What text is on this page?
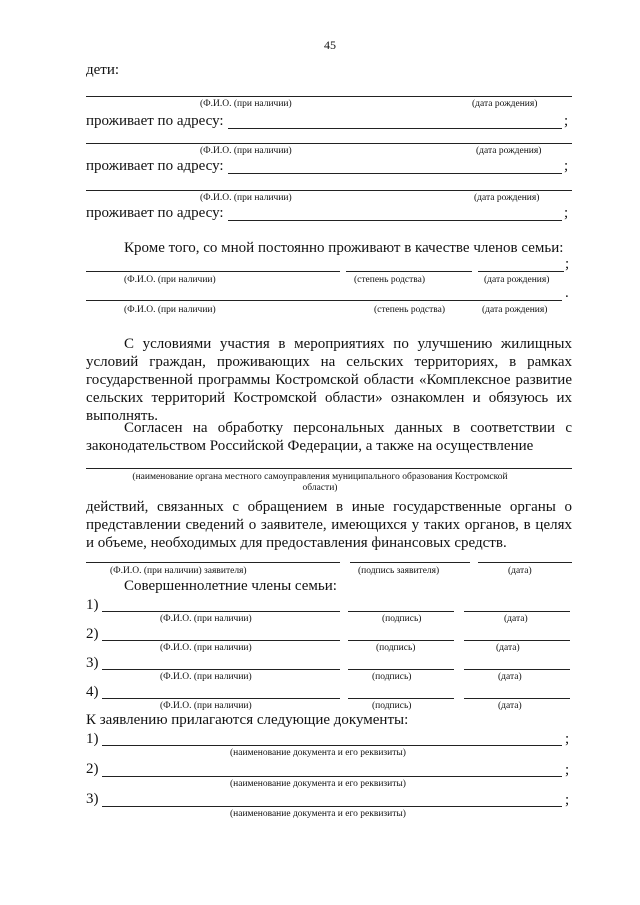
45
дети:
(Ф.И.О. (при наличии)	(дата рождения)
проживает по адресу:	;
(Ф.И.О. (при наличии)	(дата рождения)
проживает по адресу:	;
(Ф.И.О. (при наличии)	(дата рождения)
проживает по адресу:	;
Кроме того, со мной постоянно проживают в качестве членов семьи:
;
(Ф.И.О. (при наличии)	(степень родства)	(дата рождения)
.
(Ф.И.О. (при наличии)	(степень родства)	(дата рождения)
С условиями участия в мероприятиях по улучшению жилищных условий граждан, проживающих на сельских территориях, в рамках государственной программы Костромской области «Комплексное развитие сельских территорий Костромской области» ознакомлен и обязуюсь их выполнять.
Согласен на обработку персональных данных в соответствии с законодательством Российской Федерации, а также на осуществление
(наименование органа местного самоуправления муниципального образования Костромской
области)
действий, связанных с обращением в иные государственные органы о представлении сведений о заявителе, имеющихся у таких органов, в целях и объеме, необходимых для предоставления финансовых средств.
(Ф.И.О. (при наличии) заявителя)	(подпись заявителя)	(дата)
Совершеннолетние члены семьи:
1)
(Ф.И.О. (при наличии)	(подпись)	(дата)
2)
(Ф.И.О. (при наличии)	(подпись)	(дата)
3)
(Ф.И.О. (при наличии)	(подпись)	(дата)
4)
(Ф.И.О. (при наличии)	(подпись)	(дата)
К заявлению прилагаются следующие документы:
1)	;
(наименование документа и его реквизиты)
2)	;
(наименование документа и его реквизиты)
3)	;
(наименование документа и его реквизиты)
